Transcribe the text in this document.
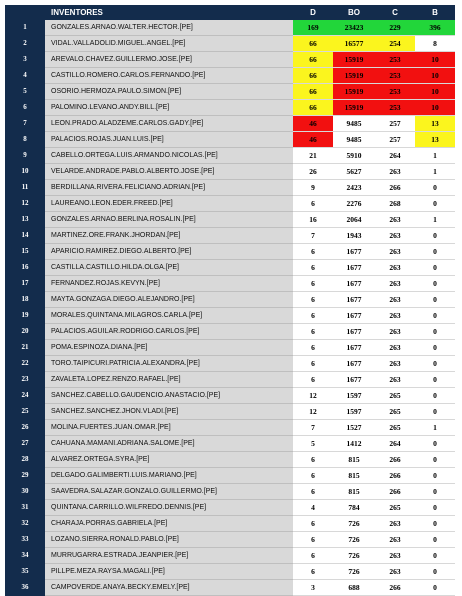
	INVENTORES	D	BO	C	B
1	GONZALES.ARNAO.WALTER.HECTOR.[PE]	169	23423	229	396
2	VIDAL.VALLADOLID.MIGUEL.ANGEL.[PE]	66	16577	254	8
3	AREVALO.CHAVEZ.GUILLERMO.JOSE.[PE]	66	15919	253	10
4	CASTILLO.ROMERO.CARLOS.FERNANDO.[PE]	66	15919	253	10
5	OSORIO.HERMOZA.PAULO.SIMON.[PE]	66	15919	253	10
6	PALOMINO.LEVANO.ANDY.BILL.[PE]	66	15919	253	10
7	LEON.PRADO.ALADZEME.CARLOS.GADY.[PE]	46	9485	257	13
8	PALACIOS.ROJAS.JUAN.LUIS.[PE]	46	9485	257	13
9	CABELLO.ORTEGA.LUIS.ARMANDO.NICOLAS.[PE]	21	5910	264	1
10	VELARDE.ANDRADE.PABLO.ALBERTO.JOSE.[PE]	26	5627	263	1
11	BERDILLANA.RIVERA.FELICIANO.ADRIAN.[PE]	9	2423	266	0
12	LAUREANO.LEON.EDER.FREED.[PE]	6	2276	268	0
13	GONZALES.ARNAO.BERLINA.ROSALIN.[PE]	16	2064	263	1
14	MARTINEZ.ORE.FRANK.JHORDAN.[PE]	7	1943	263	0
15	APARICIO.RAMIREZ.DIEGO.ALBERTO.[PE]	6	1677	263	0
16	CASTILLA.CASTILLO.HILDA.OLGA.[PE]	6	1677	263	0
17	FERNANDEZ.ROJAS.KEVYN.[PE]	6	1677	263	0
18	MAYTA.GONZAGA.DIEGO.ALEJANDRO.[PE]	6	1677	263	0
19	MORALES.QUINTANA.MILAGROS.CARLA.[PE]	6	1677	263	0
20	PALACIOS.AGUILAR.RODRIGO.CARLOS.[PE]	6	1677	263	0
21	POMA.ESPINOZA.DIANA.[PE]	6	1677	263	0
22	TORO.TAIPICURI.PATRICIA.ALEXANDRA.[PE]	6	1677	263	0
23	ZAVALETA.LOPEZ.RENZO.RAFAEL.[PE]	6	1677	263	0
24	SANCHEZ.CABELLO.GAUDENCIO.ANASTACIO.[PE]	12	1597	265	0
25	SANCHEZ.SANCHEZ.JHON.VLADI.[PE]	12	1597	265	0
26	MOLINA.FUERTES.JUAN.OMAR.[PE]	7	1527	265	1
27	CAHUANA.MAMANI.ADRIANA.SALOME.[PE]	5	1412	264	0
28	ALVAREZ.ORTEGA.SYRA.[PE]	6	815	266	0
29	DELGADO.GALIMBERTI.LUIS.MARIANO.[PE]	6	815	266	0
30	SAAVEDRA.SALAZAR.GONZALO.GUILLERMO.[PE]	6	815	266	0
31	QUINTANA.CARRILLO.WILFREDO.DENNIS.[PE]	4	784	265	0
32	CHARAJA.PORRAS.GABRIELA.[PE]	6	726	263	0
33	LOZANO.SIERRA.RONALD.PABLO.[PE]	6	726	263	0
34	MURRUGARRA.ESTRADA.JEANPIER.[PE]	6	726	263	0
35	PILLPE.MEZA.RAYSA.MAGALI.[PE]	6	726	263	0
36	CAMPOVERDE.ANAYA.BECKY.EMELY.[PE]	3	688	266	0
